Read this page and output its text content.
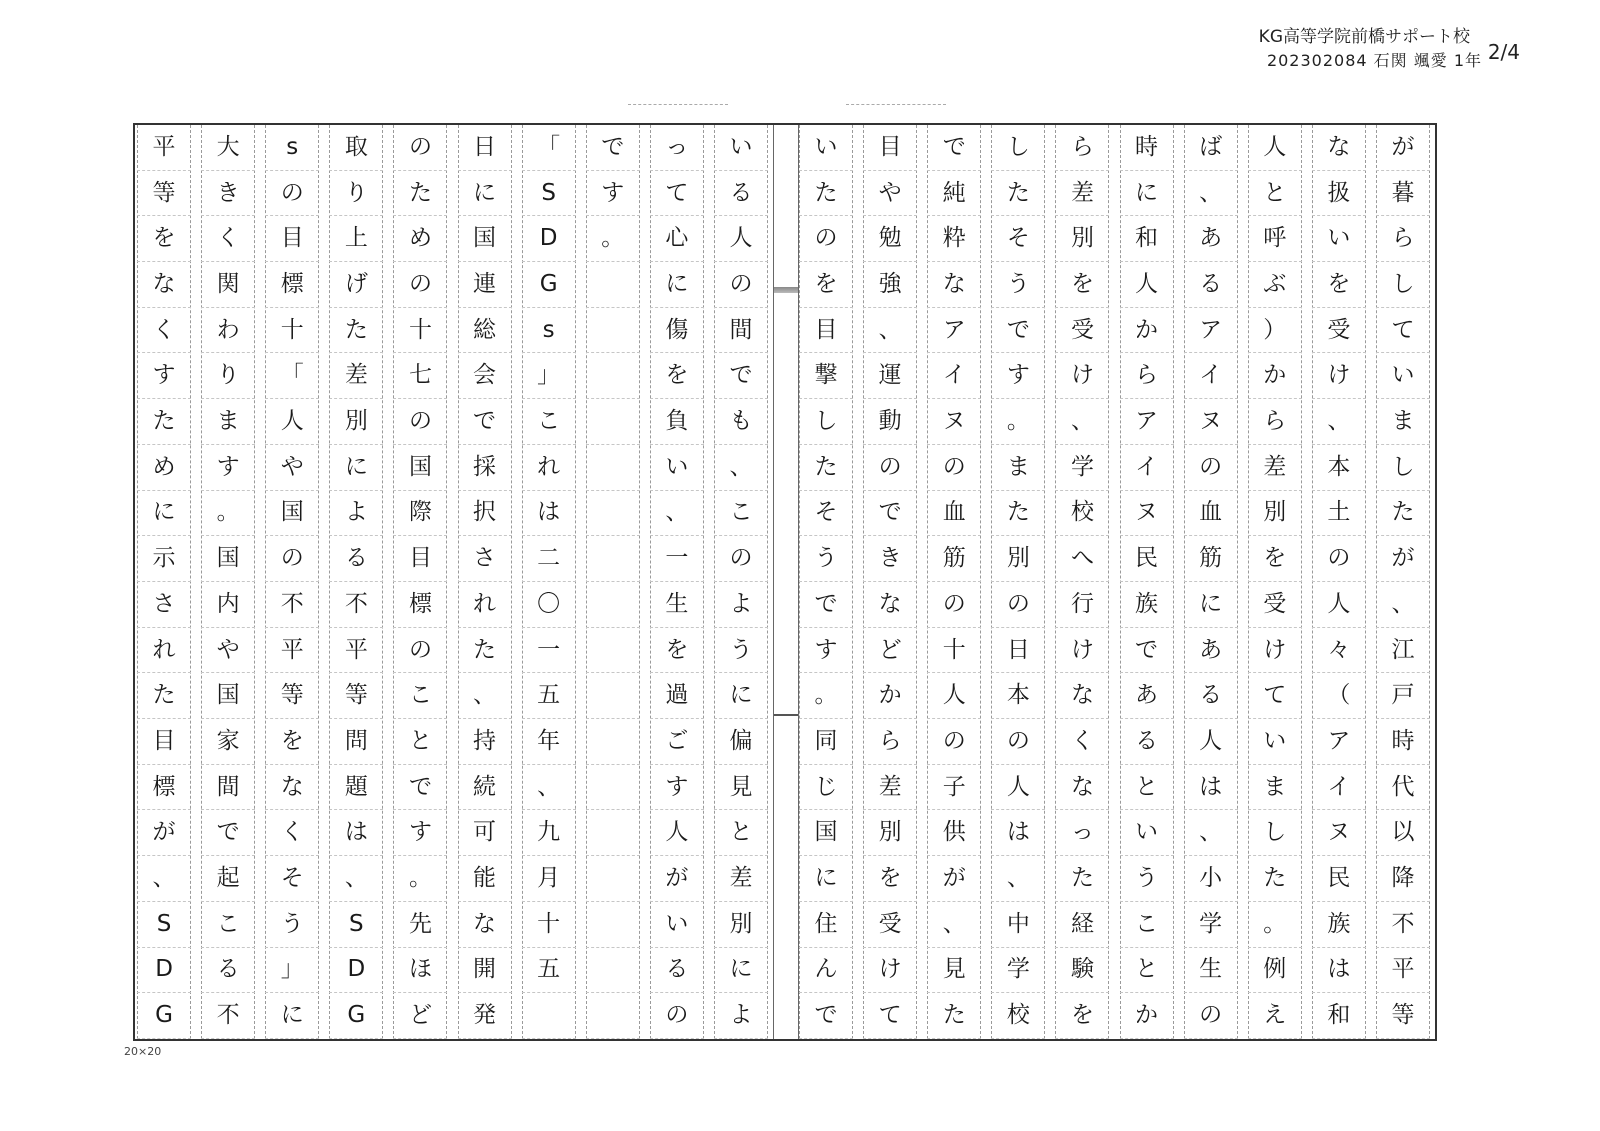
KG高等学院前橋サポート校
202302084 石関 颯愛 1年 2/4
が
暮
ら
し
て
い
ま
し
た
が
、
江
戸
時
代
以
降
不
平
等
な
扱
い
を
受
け
、
本
土
の
人
々
（
ア
イ
ヌ
民
族
は
和
人
と
呼
ぶ
）
か
ら
差
別
を
受
け
て
い
ま
し
た
。
例
え
ば
、
あ
る
ア
イ
ヌ
の
血
筋
に
あ
る
人
は
、
小
学
生
の
時
に
和
人
か
ら
ア
イ
ヌ
民
族
で
あ
る
と
い
う
こ
と
か
ら
差
別
を
受
け
、
学
校
へ
行
け
な
く
な
っ
た
経
験
を
し
た
そ
う
で
す
。
ま
た
別
の
日
本
の
人
は
、
中
学
校
で
純
粋
な
ア
イ
ヌ
の
血
筋
の
十
人
の
子
供
が
、
見
た
目
や
勉
強
、
運
動
の
で
き
な
ど
か
ら
差
別
を
受
け
て
い
た
の
を
目
撃
し
た
そ
う
で
す
。
同
じ
国
に
住
ん
で
い
る
人
の
間
で
も
、
こ
の
よ
う
に
偏
見
と
差
別
に
よ
っ
て
心
に
傷
を
負
い
、
一
生
を
過
ご
す
人
が
い
る
の
で
す
。
「
S
D
G
s
」
こ
れ
は
二
〇
一
五
年
、
九
月
十
五
日
に
国
連
総
会
で
採
択
さ
れ
た
、
持
続
可
能
な
開
発
の
た
め
の
十
七
の
国
際
目
標
の
こ
と
で
す
。
先
ほ
ど
取
り
上
げ
た
差
別
に
よ
る
不
平
等
問
題
は
、
S
D
G
s
の
目
標
十
「
人
や
国
の
不
平
等
を
な
く
そ
う
」
に
大
き
く
関
わ
り
ま
す
。
国
内
や
国
家
間
で
起
こ
る
不
平
等
を
な
く
す
た
め
に
示
さ
れ
た
目
標
が
、
S
D
G
20×20
